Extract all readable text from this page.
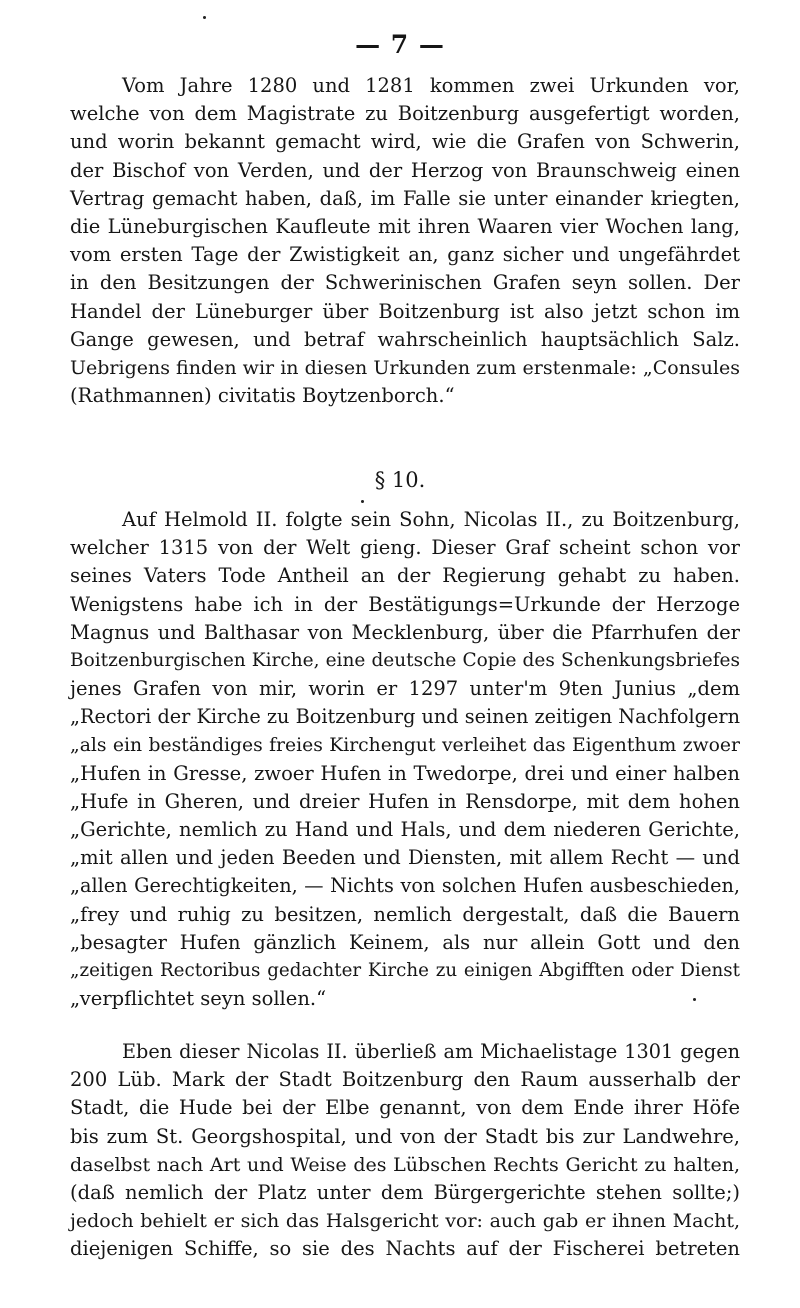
— 7 —
Vom Jahre 1280 und 1281 kommen zwei Urkunden vor,
welche von dem Magistrate zu Boitzenburg ausgefertigt worden,
und worin bekannt gemacht wird, wie die Grafen von Schwerin,
der Bischof von Verden, und der Herzog von Braunschweig einen
Vertrag gemacht haben, daß, im Falle sie unter einander kriegten,
die Lüneburgischen Kaufleute mit ihren Waaren vier Wochen lang,
vom ersten Tage der Zwistigkeit an, ganz sicher und ungefährdet
in den Besitzungen der Schwerinischen Grafen seyn sollen. Der
Handel der Lüneburger über Boitzenburg ist also jetzt schon im
Gange gewesen, und betraf wahrscheinlich hauptsächlich Salz.
Uebrigens finden wir in diesen Urkunden zum erstenmale: „Consules
(Rathmannen) civitatis Boytzenborch.“
§ 10.
Auf Helmold II. folgte sein Sohn, Nicolas II., zu Boitzenburg,
welcher 1315 von der Welt gieng. Dieser Graf scheint schon vor
seines Vaters Tode Antheil an der Regierung gehabt zu haben.
Wenigstens habe ich in der Bestätigungs=Urkunde der Herzoge
Magnus und Balthasar von Mecklenburg, über die Pfarrhufen der
Boitzenburgischen Kirche, eine deutsche Copie des Schenkungsbriefes
jenes Grafen von mir, worin er 1297 unter'm 9ten Junius „dem
„Rectori der Kirche zu Boitzenburg und seinen zeitigen Nachfolgern
„als ein beständiges freies Kirchengut verleihet das Eigenthum zwoer
„Hufen in Gresse, zwoer Hufen in Twedorpe, drei und einer halben
„Hufe in Gheren, und dreier Hufen in Rensdorpe, mit dem hohen
„Gerichte, nemlich zu Hand und Hals, und dem niederen Gerichte,
„mit allen und jeden Beeden und Diensten, mit allem Recht — und
„allen Gerechtigkeiten, — Nichts von solchen Hufen ausbeschieden,
„frey und ruhig zu besitzen, nemlich dergestalt, daß die Bauern
„besagter Hufen gänzlich Keinem, als nur allein Gott und den
„zeitigen Rectoribus gedachter Kirche zu einigen Abgifften oder Dienst
„verpflichtet seyn sollen.“
Eben dieser Nicolas II. überließ am Michaelistage 1301 gegen
200 Lüb. Mark der Stadt Boitzenburg den Raum ausserhalb der
Stadt, die Hude bei der Elbe genannt, von dem Ende ihrer Höfe
bis zum St. Georgshospital, und von der Stadt bis zur Landwehre,
daselbst nach Art und Weise des Lübschen Rechts Gericht zu halten,
(daß nemlich der Platz unter dem Bürgergerichte stehen sollte;)
jedoch behielt er sich das Halsgericht vor: auch gab er ihnen Macht,
diejenigen Schiffe, so sie des Nachts auf der Fischerei betreten
